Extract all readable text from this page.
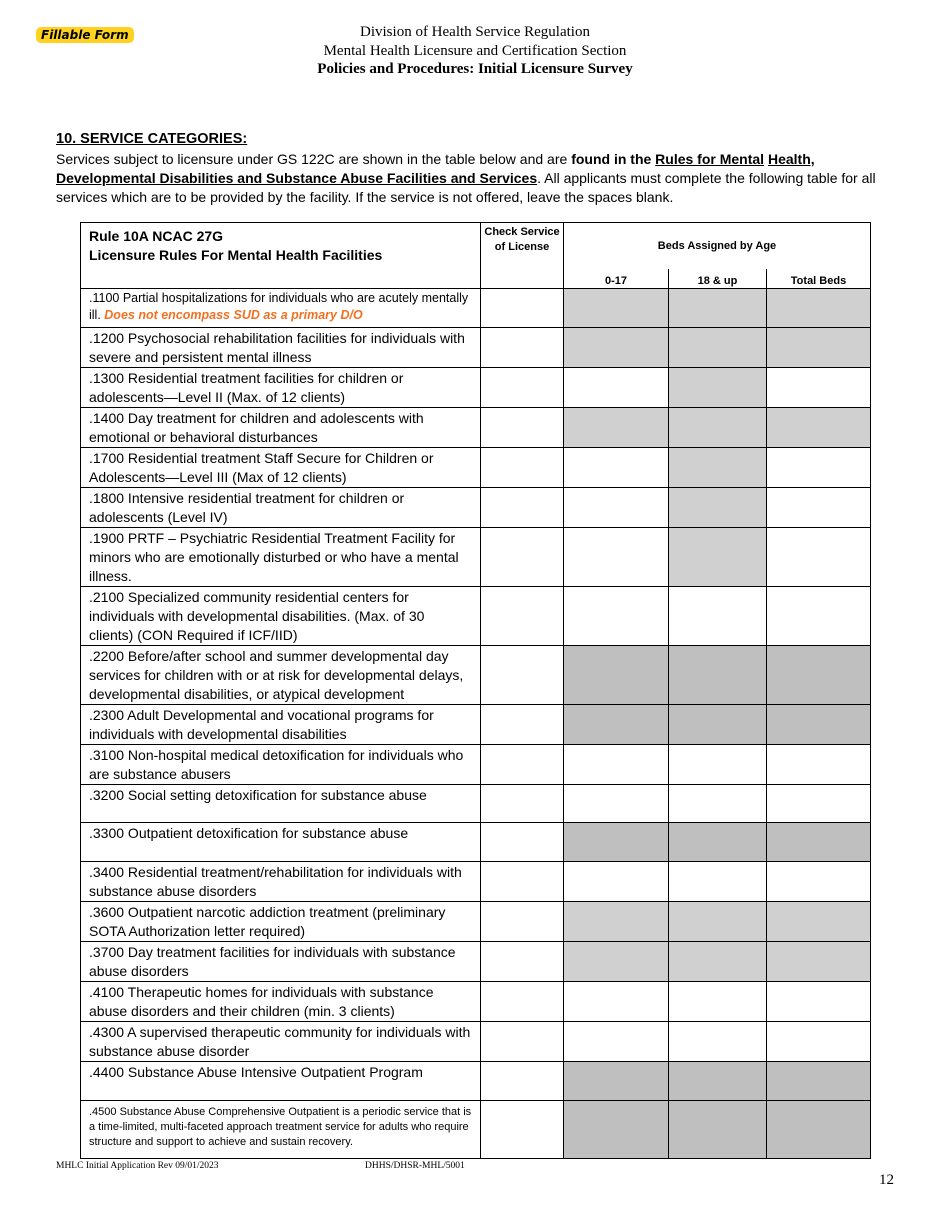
Fillable Form	Division of Health Service Regulation
Mental Health Licensure and Certification Section
Policies and Procedures: Initial Licensure Survey
10. SERVICE CATEGORIES:
Services subject to licensure under GS 122C are shown in the table below and are found in the Rules for Mental Health, Developmental Disabilities and Substance Abuse Facilities and Services. All applicants must complete the following table for all services which are to be provided by the facility. If the service is not offered, leave the spaces blank.
Rule 10A NCAC 27G
Licensure Rules For Mental Health Facilities	Check Service of License	Beds Assigned by Age		
		0-17	18 & up	Total Beds
.1100 Partial hospitalizations for individuals who are acutely mentally ill. Does not encompass SUD as a primary D/O				
.1200 Psychosocial rehabilitation facilities for individuals with severe and persistent mental illness				
.1300 Residential treatment facilities for children or adolescents—Level II (Max. of 12 clients)				
.1400 Day treatment for children and adolescents with emotional or behavioral disturbances				
.1700 Residential treatment Staff Secure for Children or Adolescents—Level III (Max of 12 clients)				
.1800 Intensive residential treatment for children or adolescents (Level IV)				
.1900 PRTF – Psychiatric Residential Treatment Facility for minors who are emotionally disturbed or who have a mental illness.				
.2100 Specialized community residential centers for individuals with developmental disabilities. (Max. of 30 clients) (CON Required if ICF/IID)				
.2200 Before/after school and summer developmental day services for children with or at risk for developmental delays, developmental disabilities, or atypical development				
.2300 Adult Developmental and vocational programs for individuals with developmental disabilities				
.3100 Non-hospital medical detoxification for individuals who are substance abusers				
.3200 Social setting detoxification for substance abuse				
.3300 Outpatient detoxification for substance abuse				
.3400 Residential treatment/rehabilitation for individuals with substance abuse disorders				
.3600 Outpatient narcotic addiction treatment (preliminary SOTA Authorization letter required)				
.3700 Day treatment facilities for individuals with substance abuse disorders				
.4100 Therapeutic homes for individuals with substance abuse disorders and their children (min. 3 clients)				
.4300 A supervised therapeutic community for individuals with substance abuse disorder				
.4400 Substance Abuse Intensive Outpatient Program				
.4500 Substance Abuse Comprehensive Outpatient is a periodic service that is a time-limited, multi-faceted approach treatment service for adults who require structure and support to achieve and sustain recovery.				
MHLC Initial Application Rev 09/01/2023	DHHS/DHSR-MHL/5001
12
